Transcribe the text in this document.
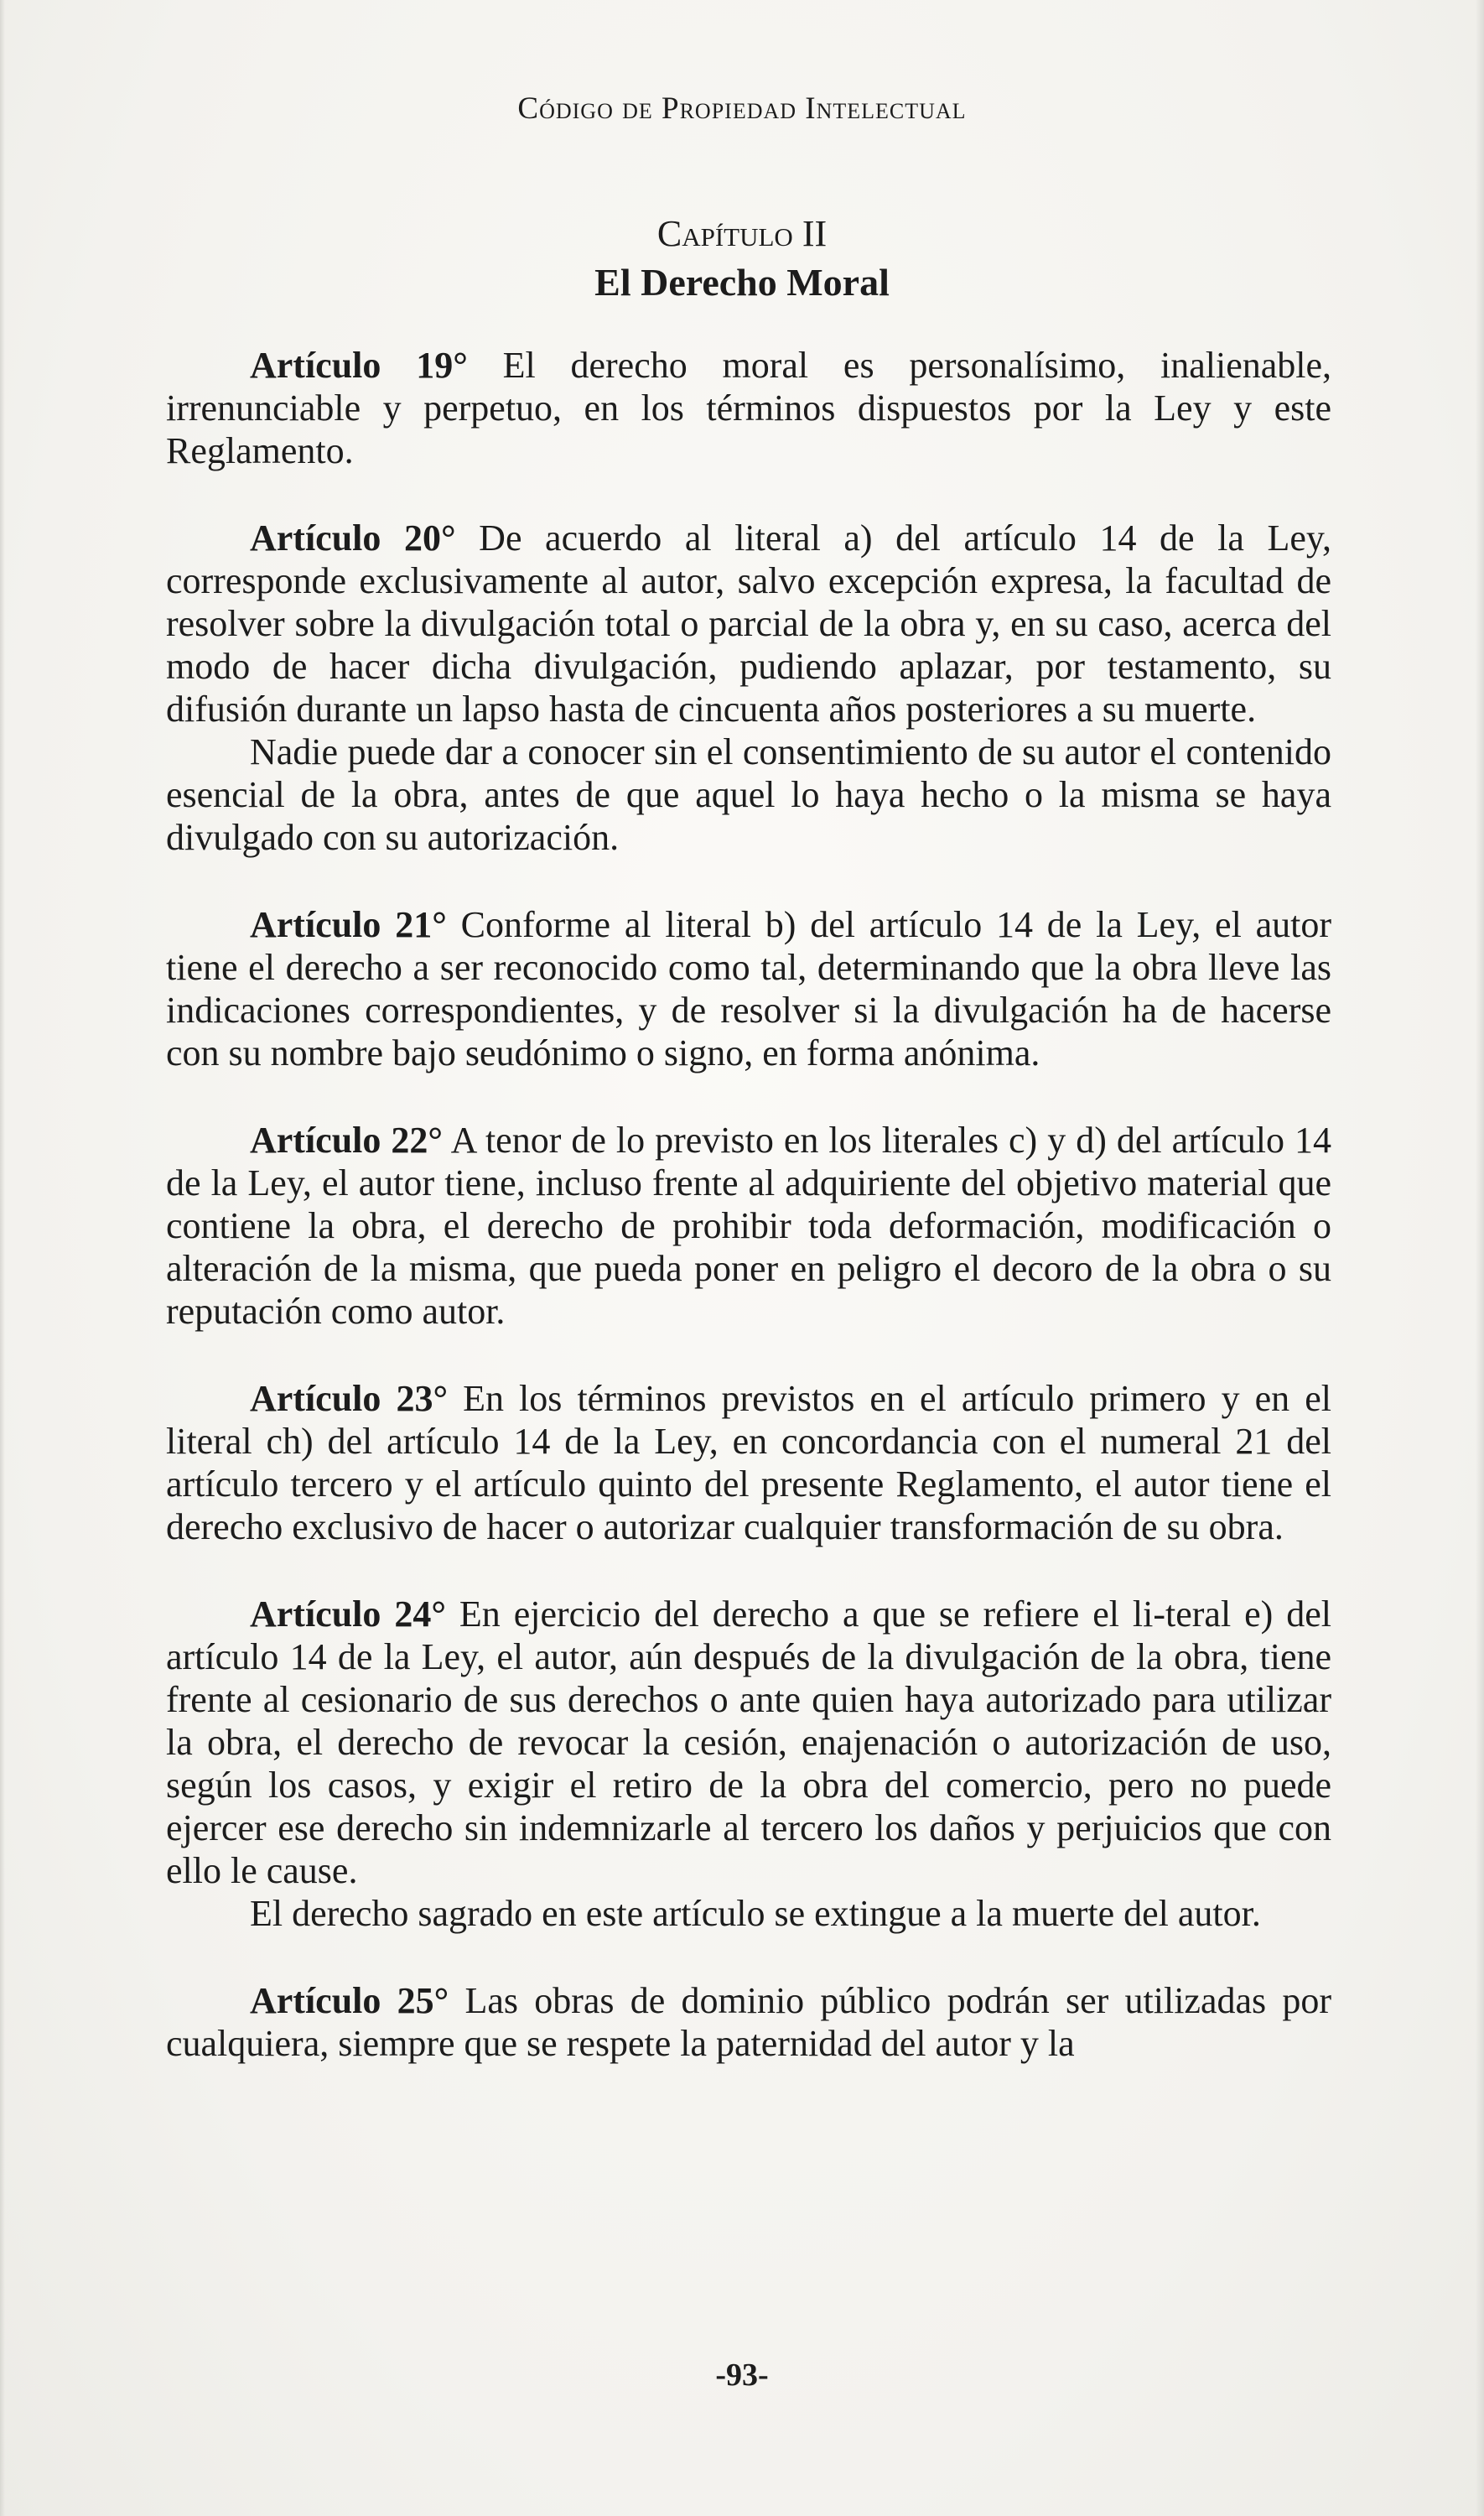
Código de Propiedad Intelectual
Capítulo II
El Derecho Moral

Artículo 19° El derecho moral es personalísimo, inalienable, irrenunciable y perpetuo, en los términos dispuestos por la Ley y este Reglamento.

Artículo 20° De acuerdo al literal a) del artículo 14 de la Ley, corresponde exclusivamente al autor, salvo excepción expresa, la facultad de resolver sobre la divulgación total o parcial de la obra y, en su caso, acerca del modo de hacer dicha divulgación, pudiendo aplazar, por testamento, su difusión durante un lapso hasta de cincuenta años posteriores a su muerte.

Nadie puede dar a conocer sin el consentimiento de su autor el contenido esencial de la obra, antes de que aquel lo haya hecho o la misma se haya divulgado con su autorización.

Artículo 21° Conforme al literal b) del artículo 14 de la Ley, el autor tiene el derecho a ser reconocido como tal, determinando que la obra lleve las indicaciones correspondientes, y de resolver si la divulgación ha de hacerse con su nombre bajo seudónimo o signo, en forma anónima.

Artículo 22° A tenor de lo previsto en los literales c) y d) del artículo 14 de la Ley, el autor tiene, incluso frente al adquiriente del objetivo material que contiene la obra, el derecho de prohibir toda deformación, modificación o alteración de la misma, que pueda poner en peligro el decoro de la obra o su reputación como autor.

Artículo 23° En los términos previstos en el artículo primero y en el literal ch) del artículo 14 de la Ley, en concordancia con el numeral 21 del artículo tercero y el artículo quinto del presente Reglamento, el autor tiene el derecho exclusivo de hacer o autorizar cualquier transformación de su obra.

Artículo 24° En ejercicio del derecho a que se refiere el li-teral e) del artículo 14 de la Ley, el autor, aún después de la divulgación de la obra, tiene frente al cesionario de sus derechos o ante quien haya autorizado para utilizar la obra, el derecho de revocar la cesión, enajenación o autorización de uso, según los casos, y exigir el retiro de la obra del comercio, pero no puede ejercer ese derecho sin indemnizarle al tercero los daños y perjuicios que con ello le cause.

El derecho sagrado en este artículo se extingue a la muerte del autor.

Artículo 25° Las obras de dominio público podrán ser utilizadas por cualquiera, siempre que se respete la paternidad del autor y la

-93-
